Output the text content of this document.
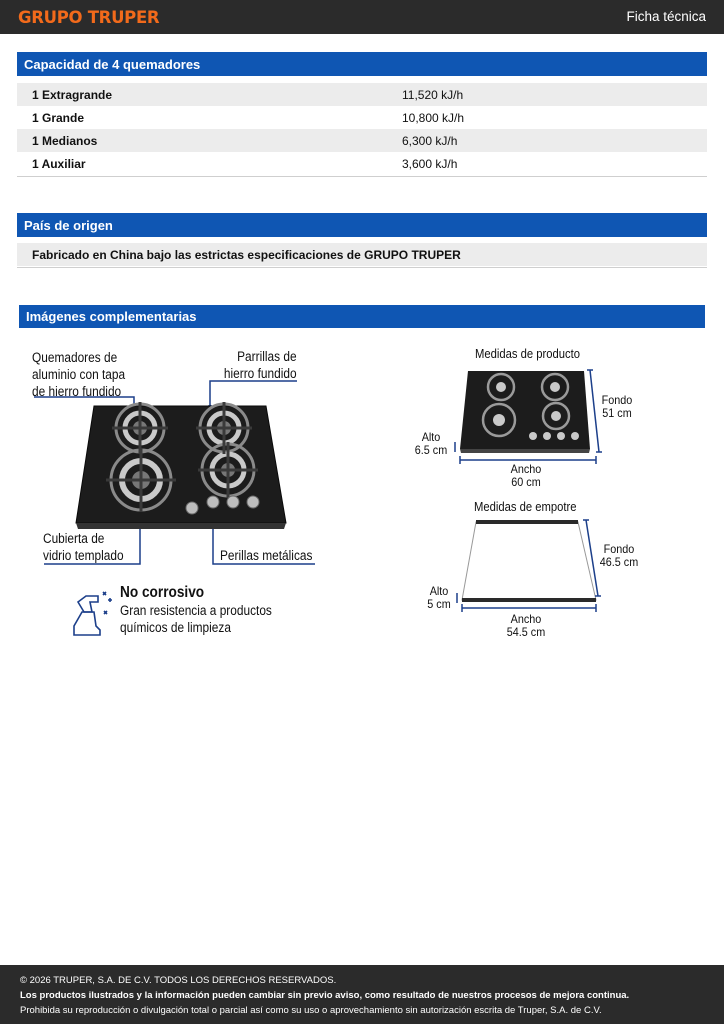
GRUPO TRUPER	Ficha técnica
Capacidad de 4 quemadores
1 Extragrande	11,520 kJ/h
1 Grande	10,800 kJ/h
1 Medianos	6,300 kJ/h
1 Auxiliar	3,600 kJ/h
País de origen
Fabricado en China bajo las estrictas especificaciones de GRUPO TRUPER
Imágenes complementarias
Quemadores de
aluminio con tapa
de hierro fundido
Parrillas de
hierro fundido
Cubierta de
vidrio templado	Perillas metálicas
No corrosivo
Gran resistencia a productos
químicos de limpieza
Medidas de producto
Fondo
51 cm
Alto
6.5 cm
Ancho
60 cm
Medidas de empotre
Fondo
46.5 cm
Alto
5 cm
Ancho
54.5 cm
© 2026 TRUPER, S.A. DE C.V. TODOS LOS DERECHOS RESERVADOS.
Los productos ilustrados y la información pueden cambiar sin previo aviso, como resultado de nuestros procesos de mejora continua.
Prohibida su reproducción o divulgación total o parcial así como su uso o aprovechamiento sin autorización escrita de Truper, S.A. de C.V.
